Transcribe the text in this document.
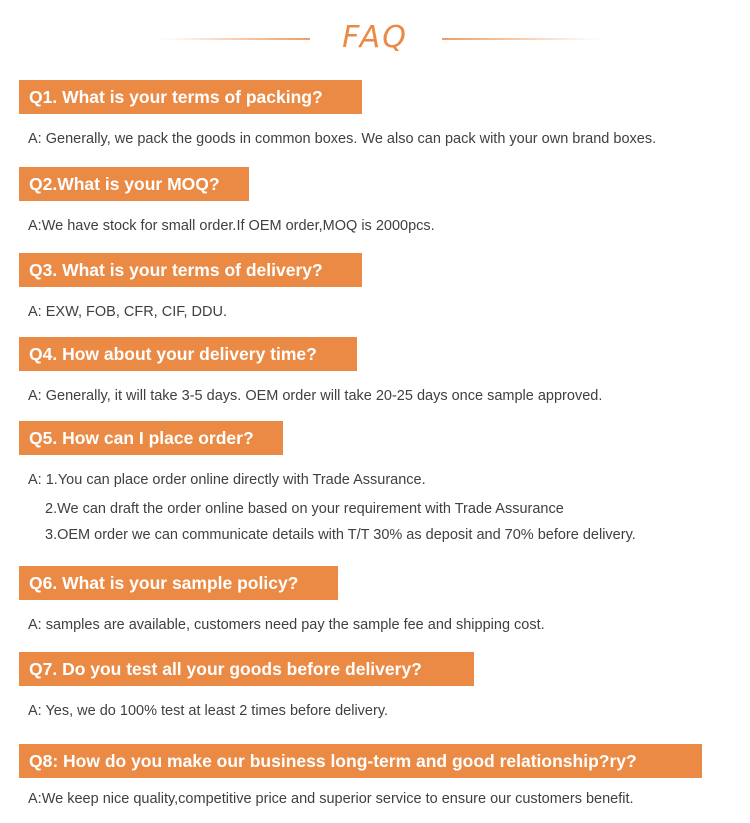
FAQ
Q1. What is your terms of packing?
A: Generally, we pack the goods in common boxes. We also can pack with your own brand boxes.
Q2.What is your MOQ?
A:We have stock for small order.If OEM order,MOQ is 2000pcs.
Q3. What is your terms of delivery?
A: EXW, FOB, CFR, CIF, DDU.
Q4. How about your delivery time?
A: Generally, it will take 3-5 days. OEM order will take 20-25 days once sample approved.
Q5. How can I place order?
A: 1.You can place order online directly with Trade Assurance.
2.We can draft the order online based on your requirement with Trade Assurance
3.OEM order we can communicate details with T/T 30% as deposit and 70% before delivery.
Q6. What is your sample policy?
A: samples are available, customers need pay the sample fee and shipping cost.
Q7. Do you test all your goods before delivery?
A: Yes, we do 100% test at least 2 times before delivery.
Q8: How do you make our business long-term and good relationship?ry?
A:We keep nice quality,competitive price and superior service to ensure our customers benefit.
